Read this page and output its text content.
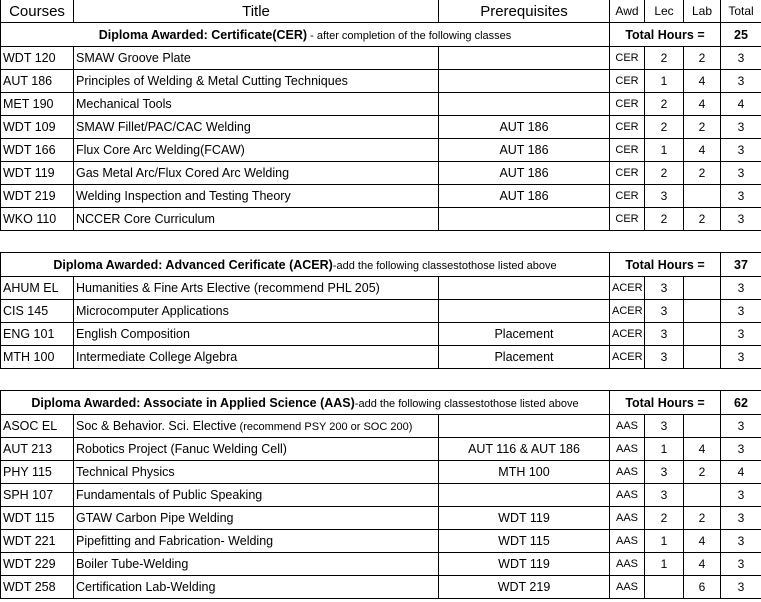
Courses	Title	Prerequisites	Awd	Lec	Lab	Total
Diploma Awarded: Certificate(CER) - after completion of the following classes			Total Hours =			25
WDT 120	SMAW Groove Plate		CER	2	2	3
AUT 186	Principles of Welding & Metal Cutting Techniques		CER	1	4	3
MET 190	Mechanical Tools		CER	2	4	4
WDT 109	SMAW Fillet/PAC/CAC Welding	AUT 186	CER	2	2	3
WDT 166	Flux Core Arc Welding(FCAW)	AUT 186	CER	1	4	3
WDT 119	Gas Metal Arc/Flux Cored Arc Welding	AUT 186	CER	2	2	3
WDT 219	Welding Inspection and Testing Theory	AUT 186	CER	3		3
WKO 110	NCCER Core Curriculum		CER	2	2	3

Diploma Awarded: Advanced Cerificate (ACER)-add the following classestothose listed above			Total Hours =			37
AHUM EL	Humanities & Fine Arts Elective (recommend PHL 205)		ACER	3		3
CIS 145	Microcomputer Applications		ACER	3		3
ENG 101	English Composition	Placement	ACER	3		3
MTH 100	Intermediate College Algebra	Placement	ACER	3		3

Diploma Awarded: Associate in Applied Science (AAS)-add the following classestothose listed above			Total Hours =			62
ASOC EL	Soc & Behavior. Sci. Elective (recommend PSY 200 or SOC 200)		AAS	3		3
AUT 213	Robotics Project (Fanuc Welding Cell)	AUT 116 & AUT 186	AAS	1	4	3
PHY 115	Technical Physics	MTH 100	AAS	3	2	4
SPH 107	Fundamentals of Public Speaking		AAS	3		3
WDT 115	GTAW Carbon Pipe Welding	WDT 119	AAS	2	2	3
WDT 221	Pipefitting and Fabrication- Welding	WDT 115	AAS	1	4	3
WDT 229	Boiler Tube-Welding	WDT 119	AAS	1	4	3
WDT 258	Certification Lab-Welding	WDT 219	AAS		6	3
